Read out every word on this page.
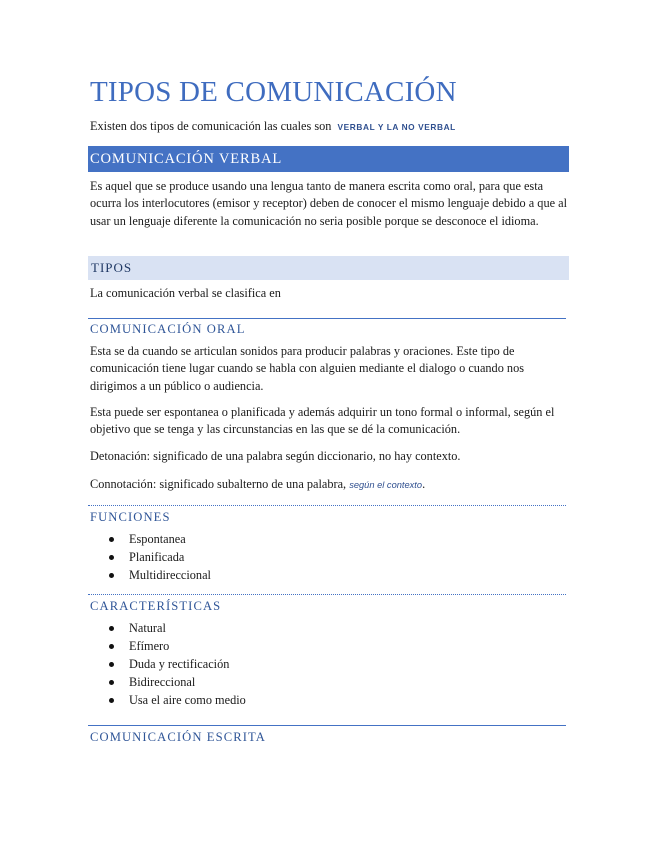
TIPOS DE COMUNICACIÓN
Existen dos tipos de comunicación las cuales son VERBAL Y LA NO VERBAL
COMUNICACIÓN VERBAL
Es aquel que se produce usando una lengua tanto de manera escrita como oral, para que esta ocurra los interlocutores (emisor y receptor) deben de conocer el mismo lenguaje debido a que al usar un lenguaje diferente la comunicación no seria posible porque se desconoce el idioma.
TIPOS
La comunicación verbal se clasifica en
COMUNICACIÓN ORAL
Esta se da cuando se articulan sonidos para producir palabras y oraciones. Este tipo de comunicación tiene lugar cuando se habla con alguien mediante el dialogo o cuando nos dirigimos a un público o audiencia.
Esta puede ser espontanea o planificada y además adquirir un tono formal o informal, según el objetivo que se tenga y las circunstancias en las que se dé la comunicación.
Detonación: significado de una palabra según diccionario, no hay contexto.
Connotación: significado subalterno de una palabra, según el contexto.
FUNCIONES
Espontanea
Planificada
Multidireccional
CARACTERÍSTICAS
Natural
Efímero
Duda y rectificación
Bidireccional
Usa el aire como medio
COMUNICACIÓN ESCRITA
